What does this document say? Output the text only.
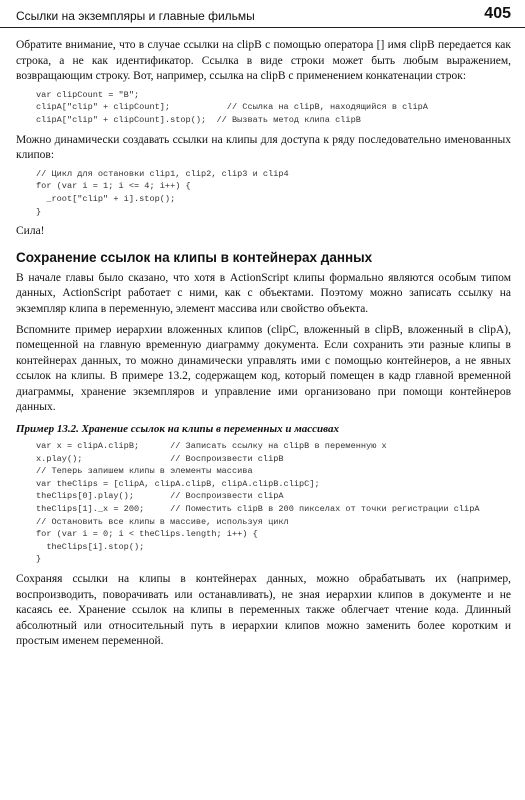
Ссылки на экземпляры и главные фильмы	405

Обратите внимание, что в случае ссылки на clipB с помощью оператора [] имя clipB передается как строка, а не как идентификатор. Ссылка в виде строки может быть любым выражением, возвращающим строку. Вот, например, ссылка на clipB с применением конкатенации строк:

var clipCount = "B";
clipA["clip" + clipCount];           // Ссылка на clipB, находящийся в clipA
clipA["clip" + clipCount].stop();  // Вызвать метод клипа clipB

Можно динамически создавать ссылки на клипы для доступа к ряду последовательно именованных клипов:

// Цикл для остановки clip1, clip2, clip3 и clip4
for (var i = 1; i <= 4; i++) {
_root["clip" + i].stop();
}

Сила!

Сохранение ссылок на клипы в контейнерах данных

В начале главы было сказано, что хотя в ActionScript клипы формально являются особым типом данных, ActionScript работает с ними, как с объектами. Поэтому можно записать ссылку на экземпляр клипа в переменную, элемент массива или свойство объекта.

Вспомните пример иерархии вложенных клипов (clipC, вложенный в clipB, вложенный в clipA), помещенной на главную временную диаграмму документа. Если сохранить эти разные клипы в контейнерах данных, то можно динамически управлять ими с помощью контейнеров, а не явных ссылок на клипы. В примере 13.2, содержащем код, который помещен в кадр главной временной диаграммы, хранение экземпляров и управление ими организовано при помощи контейнеров данных.

Пример 13.2. Хранение ссылок на клипы в переменных и массивах
var x = clipA.clipB;      // Записать ссылку на clipB в переменную x
x.play();                 // Воспроизвести clipB
// Теперь запишем клипы в элементы массива
var theClips = [clipA, clipA.clipB, clipA.clipB.clipC];
theClips[0].play();       // Воспроизвести clipA
theClips[1]._x = 200;     // Поместить clipB в 200 пикселах от точки регистрации clipA
// Остановить все клипы в массиве, используя цикл
for (var i = 0; i < theClips.length; i++) {
theClips[i].stop();
}

Сохраняя ссылки на клипы в контейнерах данных, можно обрабатывать их (например, воспроизводить, поворачивать или останавливать), не зная иерархии клипов в документе и не касаясь ее. Хранение ссылок на клипы в переменных также облегчает чтение кода. Длинный абсолютный или относительный путь в иерархии клипов можно заменить более коротким и простым именем переменной.
